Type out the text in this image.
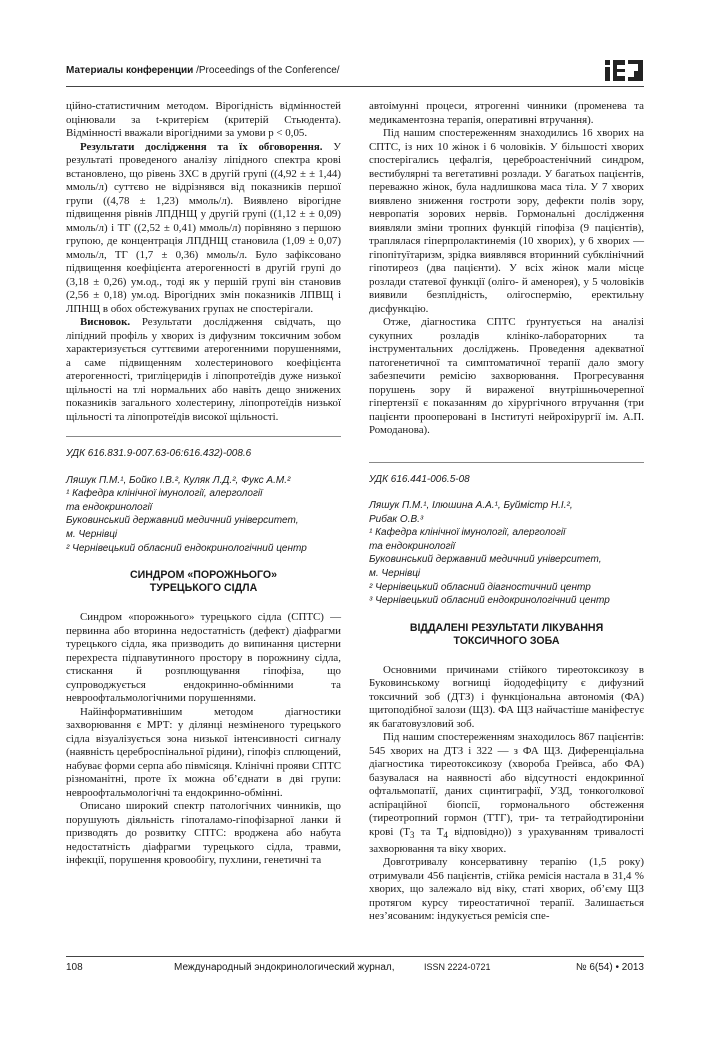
Материалы конференции /Proceedings of the Conference/

ційно-статистичним методом. Вірогідність відмінностей оцінювали за t-критерієм (критерій Стьюдента). Відмінності вважали вірогідними за умови р < 0,05.

Результати дослідження та їх обговорення. У результаті проведеного аналізу ліпідного спектра крові встановлено, що рівень ЗХС в другій групі ((4,92 ± ± 1,44) ммоль/л) суттєво не відрізнявся від показників першої групи ((4,78 ± 1,23) ммоль/л). Виявлено вірогідне підвищення рівнів ЛПДНЩ у другій групі ((1,12 ± ± 0,09) ммоль/л) і ТГ ((2,52 ± 0,41) ммоль/л) порівняно з першою групою, де концентрація ЛПДНЩ становила (1,09 ± 0,07) ммоль/л, ТГ (1,7 ± 0,36) ммоль/л. Було зафіксовано підвищення коефіцієнта атерогенності в другій групі до (3,18 ± 0,26) ум.од., тоді як у першій групі він становив (2,56 ± 0,18) ум.од. Вірогідних змін показників ЛПВЩ і ЛПНЩ в обох обстежуваних групах не спостерігали.

Висновок. Результати дослідження свідчать, що ліпідний профіль у хворих із дифузним токсичним зобом характеризується суттєвими атерогенними порушеннями, а саме підвищенням холестеринового коефіцієнта атерогенності, тригліцеридів і ліпопротеїдів дуже низької щільності на тлі нормальних або навіть дещо знижених показників загального холестерину, ліпопротеїдів низької щільності та ліпопротеїдів високої щільності.

УДК 616.831.9-007.63-06:616.432)-008.6
Ляшук П.М.¹, Бойко І.В.², Куляк Л.Д.², Фукс А.М.²
¹ Кафедра клінічної імунології, алергології
та ендокринології
Буковинський державний медичний університет,
м. Чернівці
² Чернівецький обласний ендокринологічний центр
СИНДРОМ «ПОРОЖНЬОГО»
ТУРЕЦЬКОГО СІДЛА

Синдром «порожнього» турецького сідла (СПТС) — первинна або вторинна недостатність (дефект) діафрагми турецького сідла, яка призводить до випинання цистерни перехреста підпавутинного простору в порожнину сідла, стискання й розплющування гіпофіза, що супроводжується ендокринно-обмінними та невроофтальмологічними порушеннями.

Найінформативнішим методом діагностики захворювання є МРТ: у ділянці незміненого турецького сідла візуалізується зона низької інтенсивності сигналу (наявність цереброспінальної рідини), гіпофіз сплющений, набуває форми серпа або півмісяця. Клінічні прояви СПТС різноманітні, проте їх можна об’єднати в дві групи: невроофтальмологічні та ендокринно-обмінні.

Описано широкий спектр патологічних чинників, що порушують діяльність гіпоталамо-гіпофізарної ланки й призводять до розвитку СПТС: вроджена або набута недостатність діафрагми турецького сідла, травми, інфекції, порушення кровообігу, пухлини, генетичні та

автоімунні процеси, ятрогенні чинники (променева та медикаментозна терапія, оперативні втручання).

Під нашим спостереженням знаходились 16 хворих на СПТС, із них 10 жінок і 6 чоловіків. У більшості хворих спостерігались цефалгія, цереброастенічний синдром, вестибулярні та вегетативні розлади. У багатьох пацієнтів, переважно жінок, була надлишкова маса тіла. У 7 хворих виявлено зниження гостроти зору, дефекти полів зору, невропатія зорових нервів. Гормональні дослідження виявляли зміни тропних функцій гіпофіза (9 пацієнтів), траплялася гіперпролактинемія (10 хворих), у 6 хворих — гіпопітуїтаризм, зрідка виявлявся вторинний субклінічний гіпотиреоз (два пацієнти). У всіх жінок мали місце розлади статевої функції (оліго- й аменорея), у 5 чоловіків виявили безплідність, олігоспермію, еректильну дисфункцію.

Отже, діагностика СПТС ґрунтується на аналізі сукупних розладів клініко-лабораторних та інструментальних досліджень. Проведення адекватної патогенетичної та симптоматичної терапії дало змогу забезпечити ремісію захворювання. Прогресування порушень зору й вираженої внутрішньочерепної гіпертензії є показанням до хірургічного втручання (три пацієнти прооперовані в Інституті нейрохірургії ім. А.П. Ромоданова).

УДК 616.441-006.5-08
Ляшук П.М.¹, Ілюшина А.А.¹, Буймістр Н.І.²,
Рибак О.В.³
¹ Кафедра клінічної імунології, алергології
та ендокринології
Буковинський державний медичний університет,
м. Чернівці
² Чернівецький обласний діагностичний центр
³ Чернівецький обласний ендокринологічний центр
ВІДДАЛЕНІ РЕЗУЛЬТАТИ ЛІКУВАННЯ
ТОКСИЧНОГО ЗОБА

Основними причинами стійкого тиреотоксикозу в Буковинському вогнищі йододефіциту є дифузний токсичний зоб (ДТЗ) і функціональна автономія (ФА) щитоподібної залози (ЩЗ). ФА ЩЗ найчастіше маніфестує як багатовузловий зоб.

Під нашим спостереженням знаходилось 867 пацієнтів: 545 хворих на ДТЗ і 322 — з ФА ЩЗ. Диференціальна діагностика тиреотоксикозу (хвороба Грейвса, або ФА) базувалася на наявності або відсутності ендокринної офтальмопатії, даних сцинтиграфії, УЗД, тонкоголкової аспіраційної біопсії, гормонального обстеження (тиреотропний гормон (ТТГ), три- та тетрайодтироніни крові ($Т_3$ та $Т_4$ відповідно)) з урахуванням тривалості захворювання та віку хворих.

Довготривалу консервативну терапію (1,5 року) отримували 456 пацієнтів, стійка ремісія настала в 31,4 % хворих, що залежало від віку, статі хворих, об’єму ЩЗ протягом курсу тиреостатичної терапії. Залишається нез’ясованим: індукується ремісія спе-

108	Международный эндокринологический журнал,	ISSN 2224-0721	№ 6(54) • 2013
